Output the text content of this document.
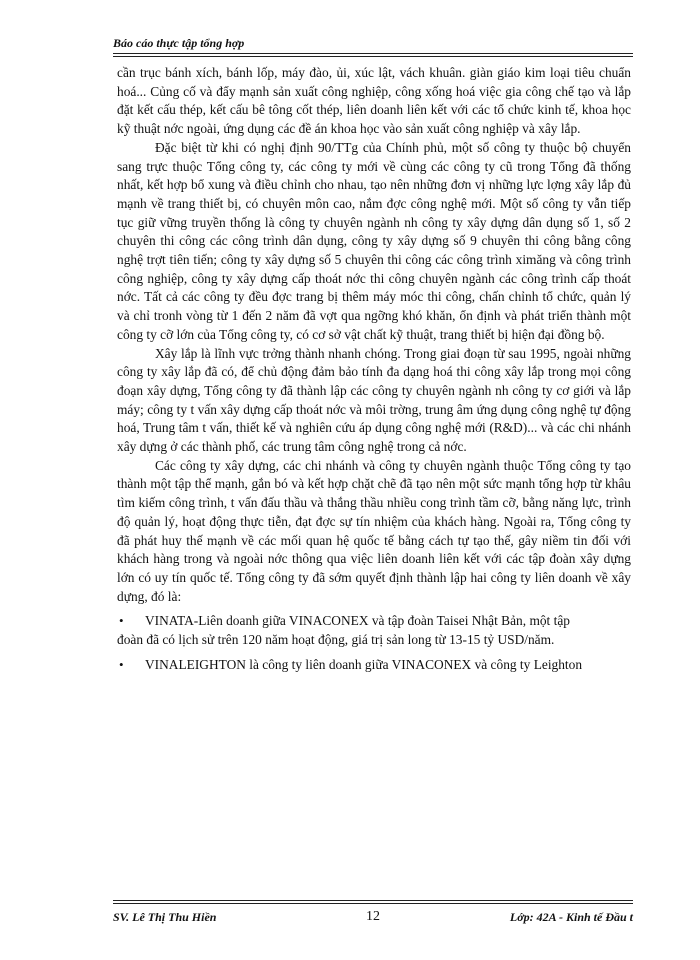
Báo cáo thực tập tổng hợp

cần trục bánh xích, bánh lốp, máy đào, ủi, xúc lật, vách khuân. giàn giáo kim loại tiêu chuẩn hoá... Củng cố và đẩy mạnh sản xuất công nghiệp, công xống hoá việc gia công chế tạo và lắp đặt kết cấu thép, kết cấu bê tông cốt thép, liên doanh liên kết với các tổ chức kinh tế, khoa học kỹ thuật nớc ngoài, ứng dụng các đề án khoa học vào sản xuất công nghiệp và xây lắp.

Đặc biệt từ khi có nghị định 90/TTg của Chính phủ, một số công ty thuộc bộ chuyển sang trực thuộc Tổng công ty, các công ty mới về cùng các công ty cũ trong Tổng đã thống nhất, kết hợp bổ xung và điều chỉnh cho nhau, tạo nên những đơn vị những lực lợng xây lắp đủ mạnh về trang thiết bị, có chuyên môn cao, nắm đợc công nghệ mới. Một số công ty vẫn tiếp tục giữ vững truyền thống là công ty chuyên ngành nh công ty xây dựng dân dụng số 1, số 2 chuyên thi công các công trình dân dụng, công ty xây dựng số 9 chuyên thi công bằng công nghệ trợt tiên tiến; công ty xây dựng số 5 chuyên thi công các công trình ximăng và công trình công nghiệp, công ty xây dựng cấp thoát nớc thi công chuyên ngành các công trình cấp thoát nớc. Tất cả các công ty đều đợc trang bị thêm máy móc thi công, chấn chỉnh tổ chức, quản lý và chỉ tronh vòng từ 1 đến 2 năm đã vợt qua ngỡng khó khăn, ổn định và phát triển thành một công ty cỡ lớn của Tổng công ty, có cơ sở vật chất kỹ thuật, trang thiết bị hiện đại đồng bộ.

Xây lắp là lĩnh vực trởng thành nhanh chóng. Trong giai đoạn từ sau 1995, ngoài những công ty xây lắp đã có, để chủ động đảm bảo tính đa dạng hoá thi công xây lắp trong mọi công đoạn xây dựng, Tổng công ty đã thành lập các công ty chuyên ngành nh công ty cơ giới và lắp máy; công ty t vấn xây dựng cấp thoát nớc và môi trờng, trung âm ứng dụng công nghệ tự động hoá, Trung tâm t vấn, thiết kế và nghiên cứu áp dụng công nghệ mới (R&D)... và các chi nhánh xây dựng ở các thành phố, các trung tâm công nghệ trong cả nớc.

Các công ty xây dựng, các chi nhánh và công ty chuyên ngành thuộc Tổng công ty tạo thành một tập thể mạnh, gắn bó và kết hợp chặt chẽ đã tạo nên một sức mạnh tổng hợp từ khâu tìm kiếm công trình, t vấn đấu thầu và thắng thầu nhiều cong trình tầm cỡ, bằng năng lực, trình độ quản lý, hoạt động thực tiễn, đạt đợc sự tín nhiệm của khách hàng. Ngoài ra, Tổng công ty đã phát huy thế mạnh về các mối quan hệ quốc tế bằng cách tự tạo thế, gây niềm tin đối với khách hàng trong và ngoài nớc thông qua việc liên doanh liên kết với các tập đoàn xây dựng lớn có uy tín quốc tế. Tổng công ty đã sớm quyết định thành lập hai công ty liên doanh về xây dựng, đó là:

• VINATA-Liên doanh giữa VINACONEX và tập đoàn Taisei Nhật Bản, một tập

đoàn đã có lịch sử trên 120 năm hoạt động, giá trị sản long từ 13-15 tỷ USD/năm.

• VINALEIGHTON là công ty liên doanh giữa VINACONEX và công ty Leighton

SV. Lê Thị Thu Hiền	12	Lớp: 42A - Kinh tế Đầu t
